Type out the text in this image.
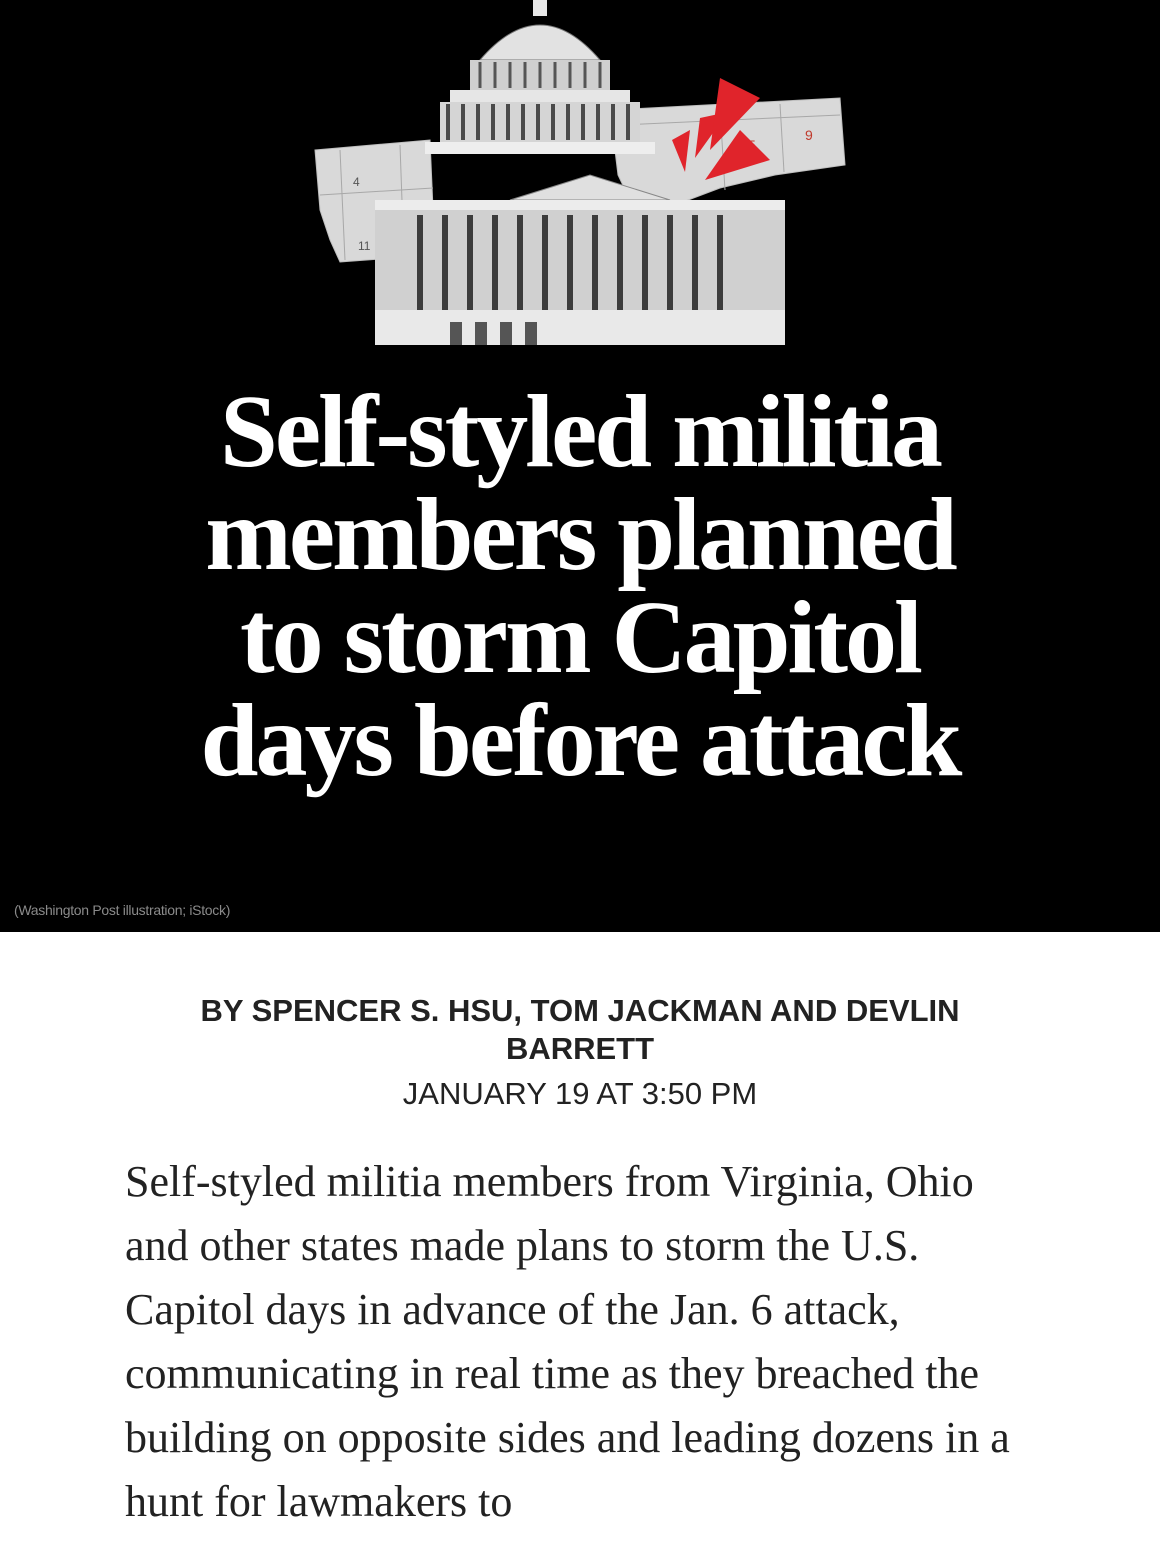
4
11
9
Self-styled militia
members planned
to storm Capitol
days before attack
(Washington Post illustration; iStock)
BY SPENCER S. HSU, TOM JACKMAN AND DEVLIN BARRETT
JANUARY 19 AT 3:50 PM

Self-styled militia members from Virginia, Ohio and other states made plans to storm the U.S. Capitol days in advance of the Jan. 6 attack, communicating in real time as they breached the building on opposite sides and leading dozens in a hunt for lawmakers to
